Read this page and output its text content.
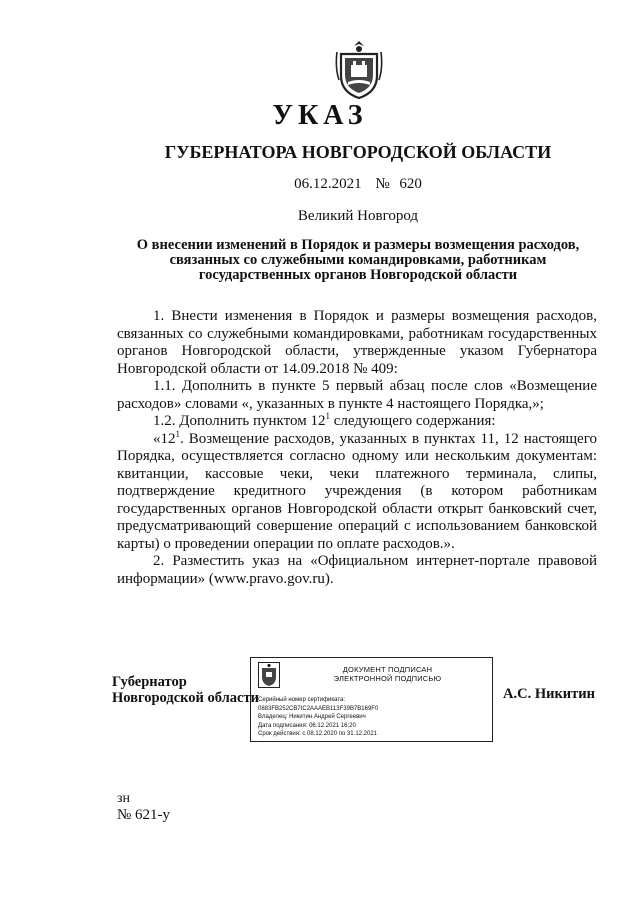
УКАЗ
ГУБЕРНАТОРА НОВГОРОДСКОЙ ОБЛАСТИ
06.12.2021 № 620
Великий Новгород
О внесении изменений в Порядок и размеры возмещения расходов,
связанных со служебными командировками, работникам
государственных органов Новгородской области

1. Внести изменения в Порядок и размеры возмещения расходов, связанных со служебными командировками, работникам государственных органов Новгородской области, утвержденные указом Губернатора Новгородской области от 14.09.2018 № 409:

1.1. Дополнить в пункте 5 первый абзац после слов «Возмещение расходов» словами «, указанных в пункте 4 настоящего Порядка,»;

1.2. Дополнить пунктом $12^1$ следующего содержания:

«$12^1$. Возмещение расходов, указанных в пунктах 11, 12 настоящего Порядка, осуществляется согласно одному или нескольким документам: квитанции, кассовые чеки, чеки платежного терминала, слипы, подтверждение кредитного учреждения (в котором работникам государственных органов Новгородской области открыт банковский счет, предусматривающий совершение операций с использованием банковской карты) о проведении операции по оплате расходов.».

2. Разместить указ на «Официальном интернет-портале правовой информации» (www.pravo.gov.ru).

Губернатор
Новгородской области
ДОКУМЕНТ ПОДПИСАН
ЭЛЕКТРОННОЙ ПОДПИСЬЮ
Серийный номер сертификата:
0883FB252CB7IC2AAAEB113F39B7B169F0
Владелец: Никитин Андрей Сергеевич
Дата подписания: 06.12.2021 16:20
Срок действия: с 08.12.2020 по 31.12.2021
А.С. Никитин
зн
№ 621-у
